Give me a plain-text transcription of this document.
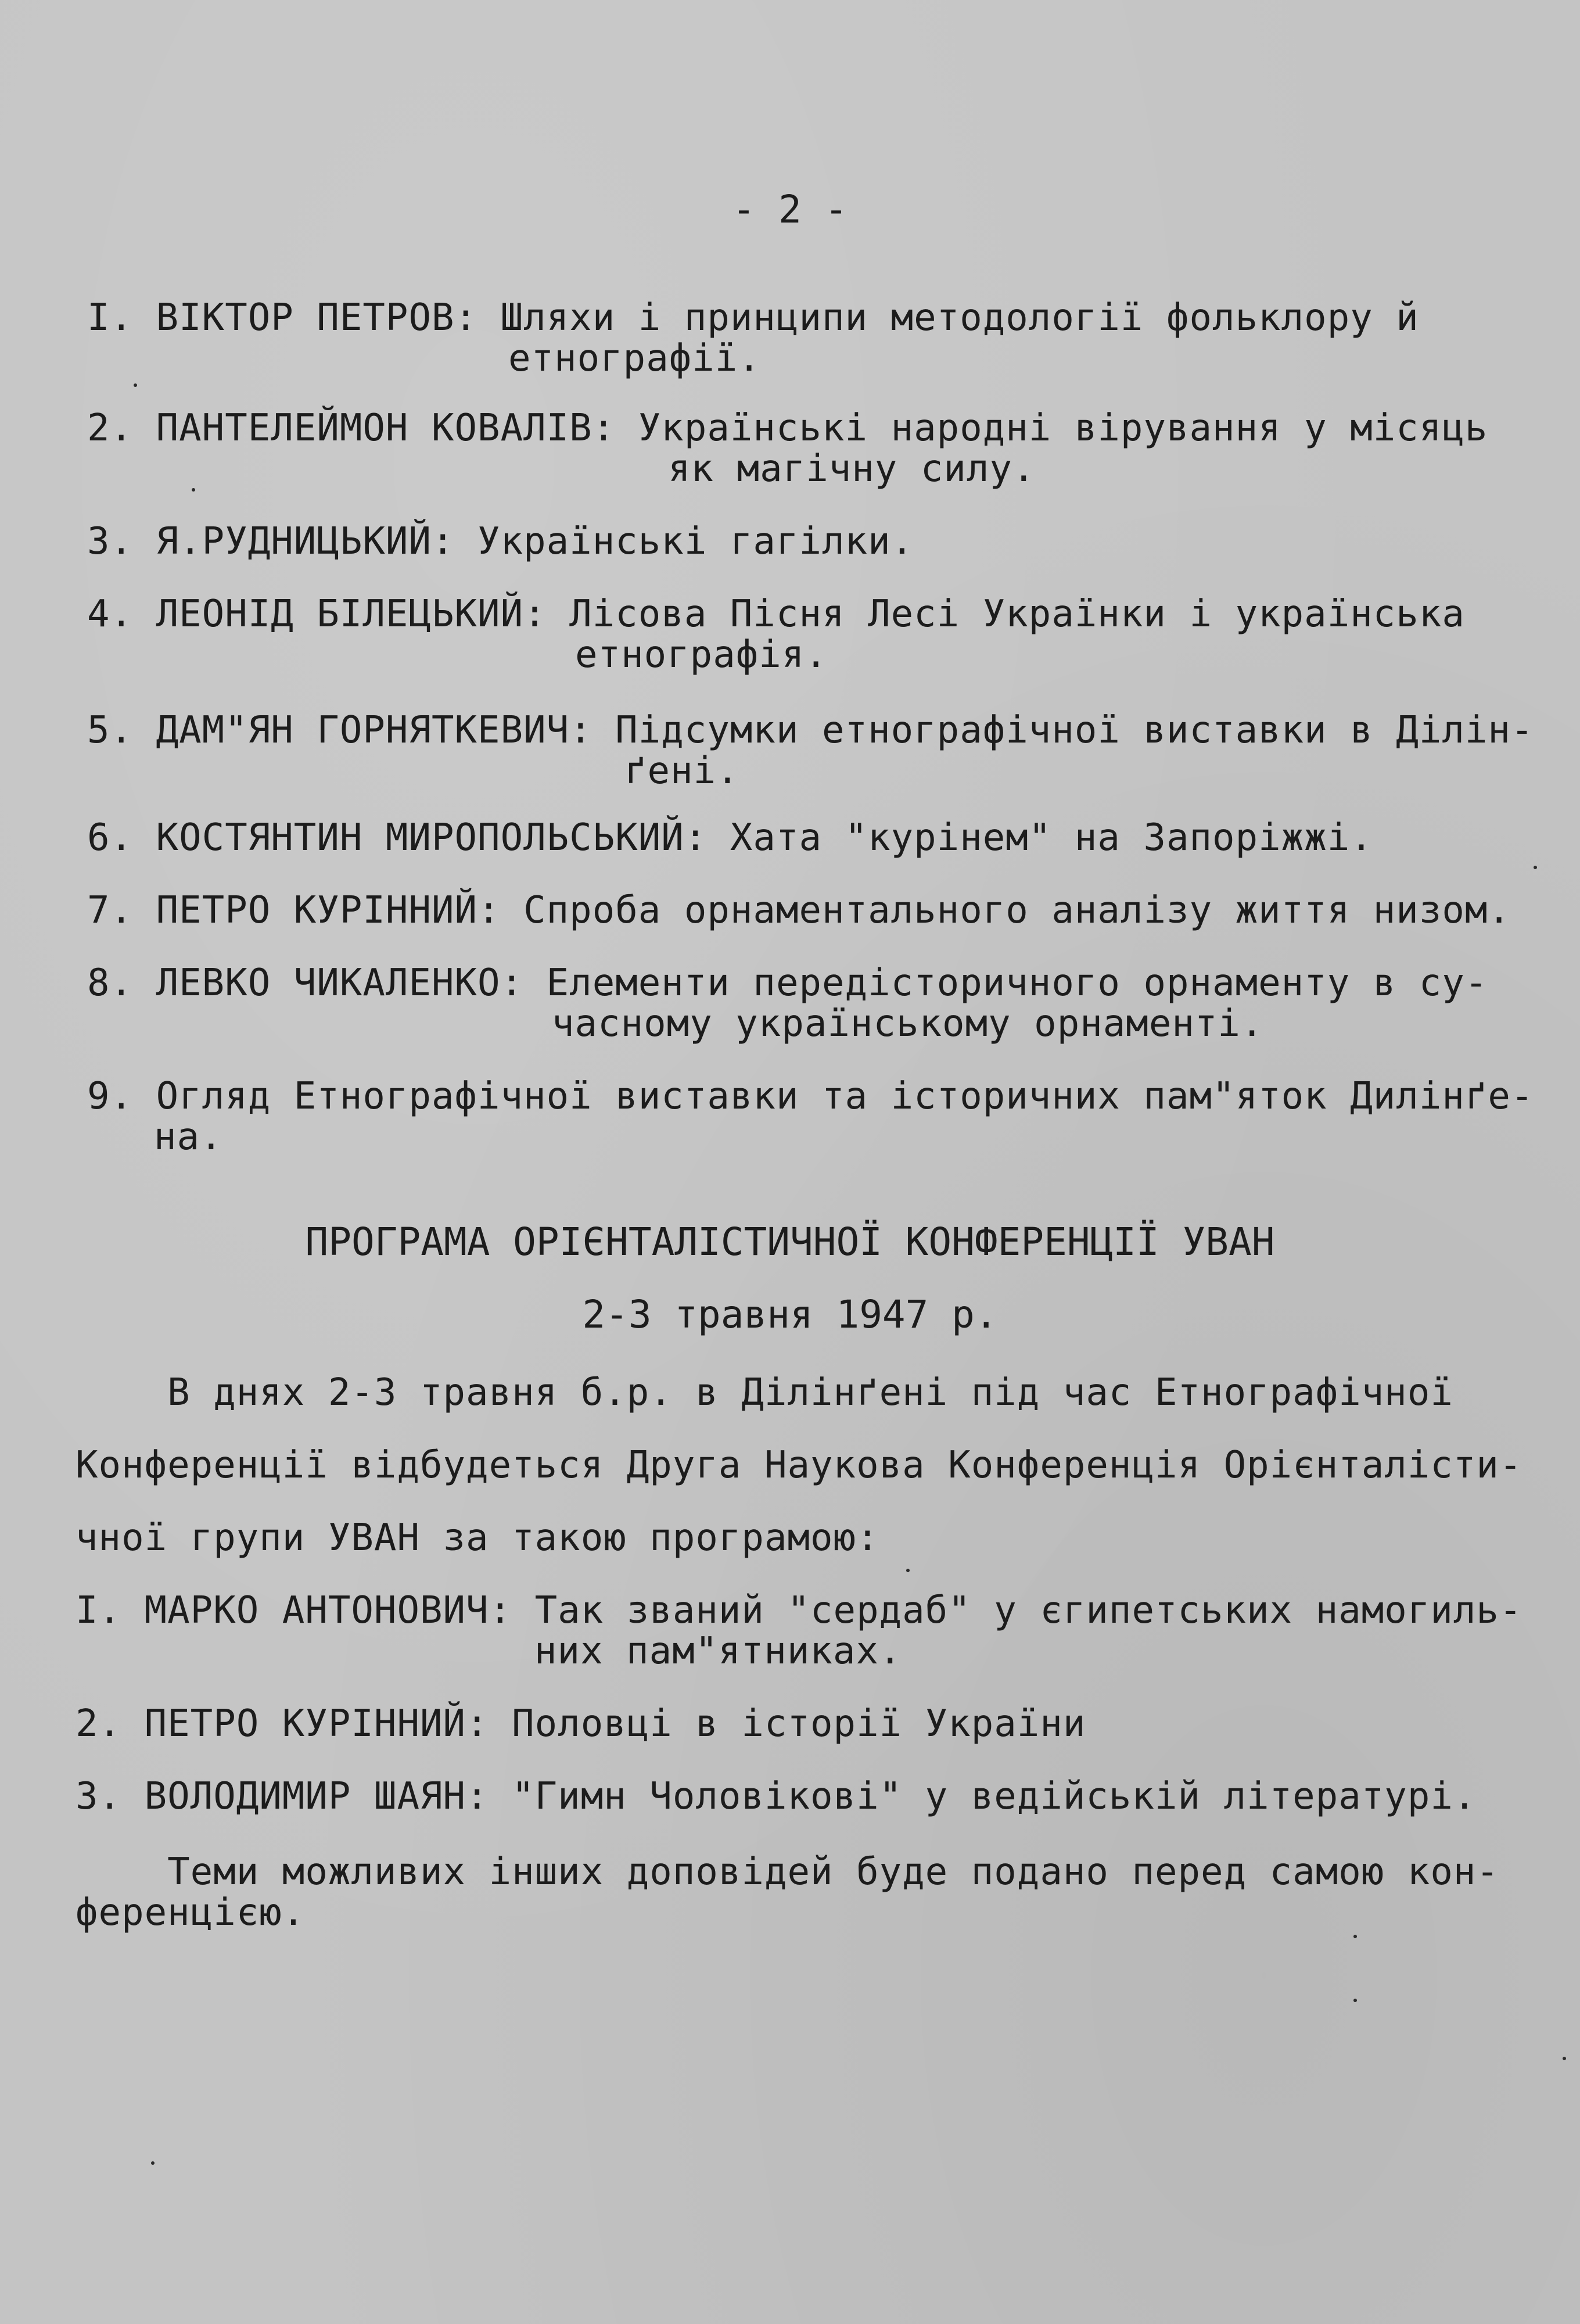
- 2 -
I. ВІКТОР ПЕТРОВ: Шляхи і принципи методології фольклору й
етнографії.
2. ПАНТЕЛЕЙМОН КОВАЛІВ: Українські народні вірування у місяць
як магічну силу.
3. Я.РУДНИЦЬКИЙ: Українські гагілки.
4. ЛЕОНІД БІЛЕЦЬКИЙ: Лісова Пісня Лесі Українки і українська
етнографія.
5. ДАМ"ЯН ГОРНЯТКЕВИЧ: Підсумки етнографічної виставки в Ділін-
ґені.
6. КОСТЯНТИН МИРОПОЛЬСЬКИЙ: Хата "курінем" на Запоріжжі.
7. ПЕТРО КУРІННИЙ: Спроба орнаментального аналізу життя низом.
8. ЛЕВКО ЧИКАЛЕНКО: Елементи передісторичного орнаменту в су-
часному українському орнаменті.
9. Огляд Етнографічної виставки та історичних пам"яток Дилінґе-
на.
ПРОГРАМА ОРІЄНТАЛІСТИЧНОЇ КОНФЕРЕНЦІЇ УВАН
2-3 травня 1947 р.
В днях 2-3 травня б.р. в Ділінґені під час Етнографічної
Конференції відбудеться Друга Наукова Конференція Орієнталісти-
чної групи УВАН за такою програмою:
I. МАРКО АНТОНОВИЧ: Так званий "сердаб" у єгипетських намогиль-
них пам"ятниках.
2. ПЕТРО КУРІННИЙ: Половці в історії України
3. ВОЛОДИМИР ШАЯН: "Гимн Чоловікові" у ведійській літературі.
Теми можливих інших доповідей буде подано перед самою кон-
ференцією.
